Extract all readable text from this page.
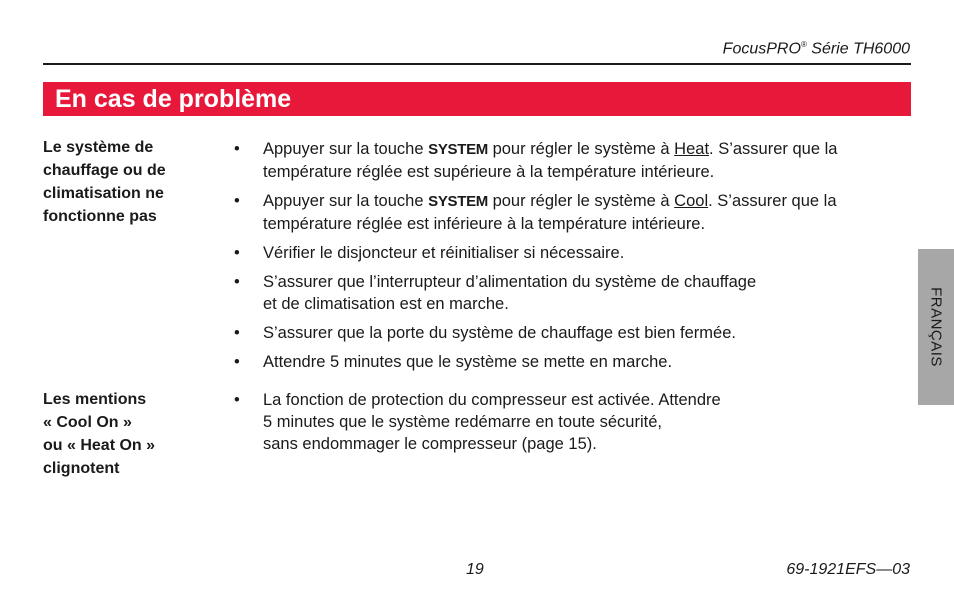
FocusPRO® Série TH6000
En cas de problème
Le système de
chauffage ou de
climatisation ne
fonctionne pas
• Appuyer sur la touche SYSTEM pour régler le système à Heat. S’assurer que la température réglée est supérieure à la température intérieure.
• Appuyer sur la touche SYSTEM pour régler le système à Cool. S’assurer que la température réglée est inférieure à la température intérieure.
• Vérifier le disjoncteur et réinitialiser si nécessaire.
• S’assurer que l’interrupteur d’alimentation du système de chauffage
et de climatisation est en marche.
• S’assurer que la porte du système de chauffage est bien fermée.
• Attendre 5 minutes que le système se mette en marche.
Les mentions
« Cool On »
ou « Heat On »
clignotent
• La fonction de protection du compresseur est activée. Attendre
5 minutes que le système redémarre en toute sécurité,
sans endommager le compresseur (page 15).
FRANÇAIS
19	69-1921EFS—03
